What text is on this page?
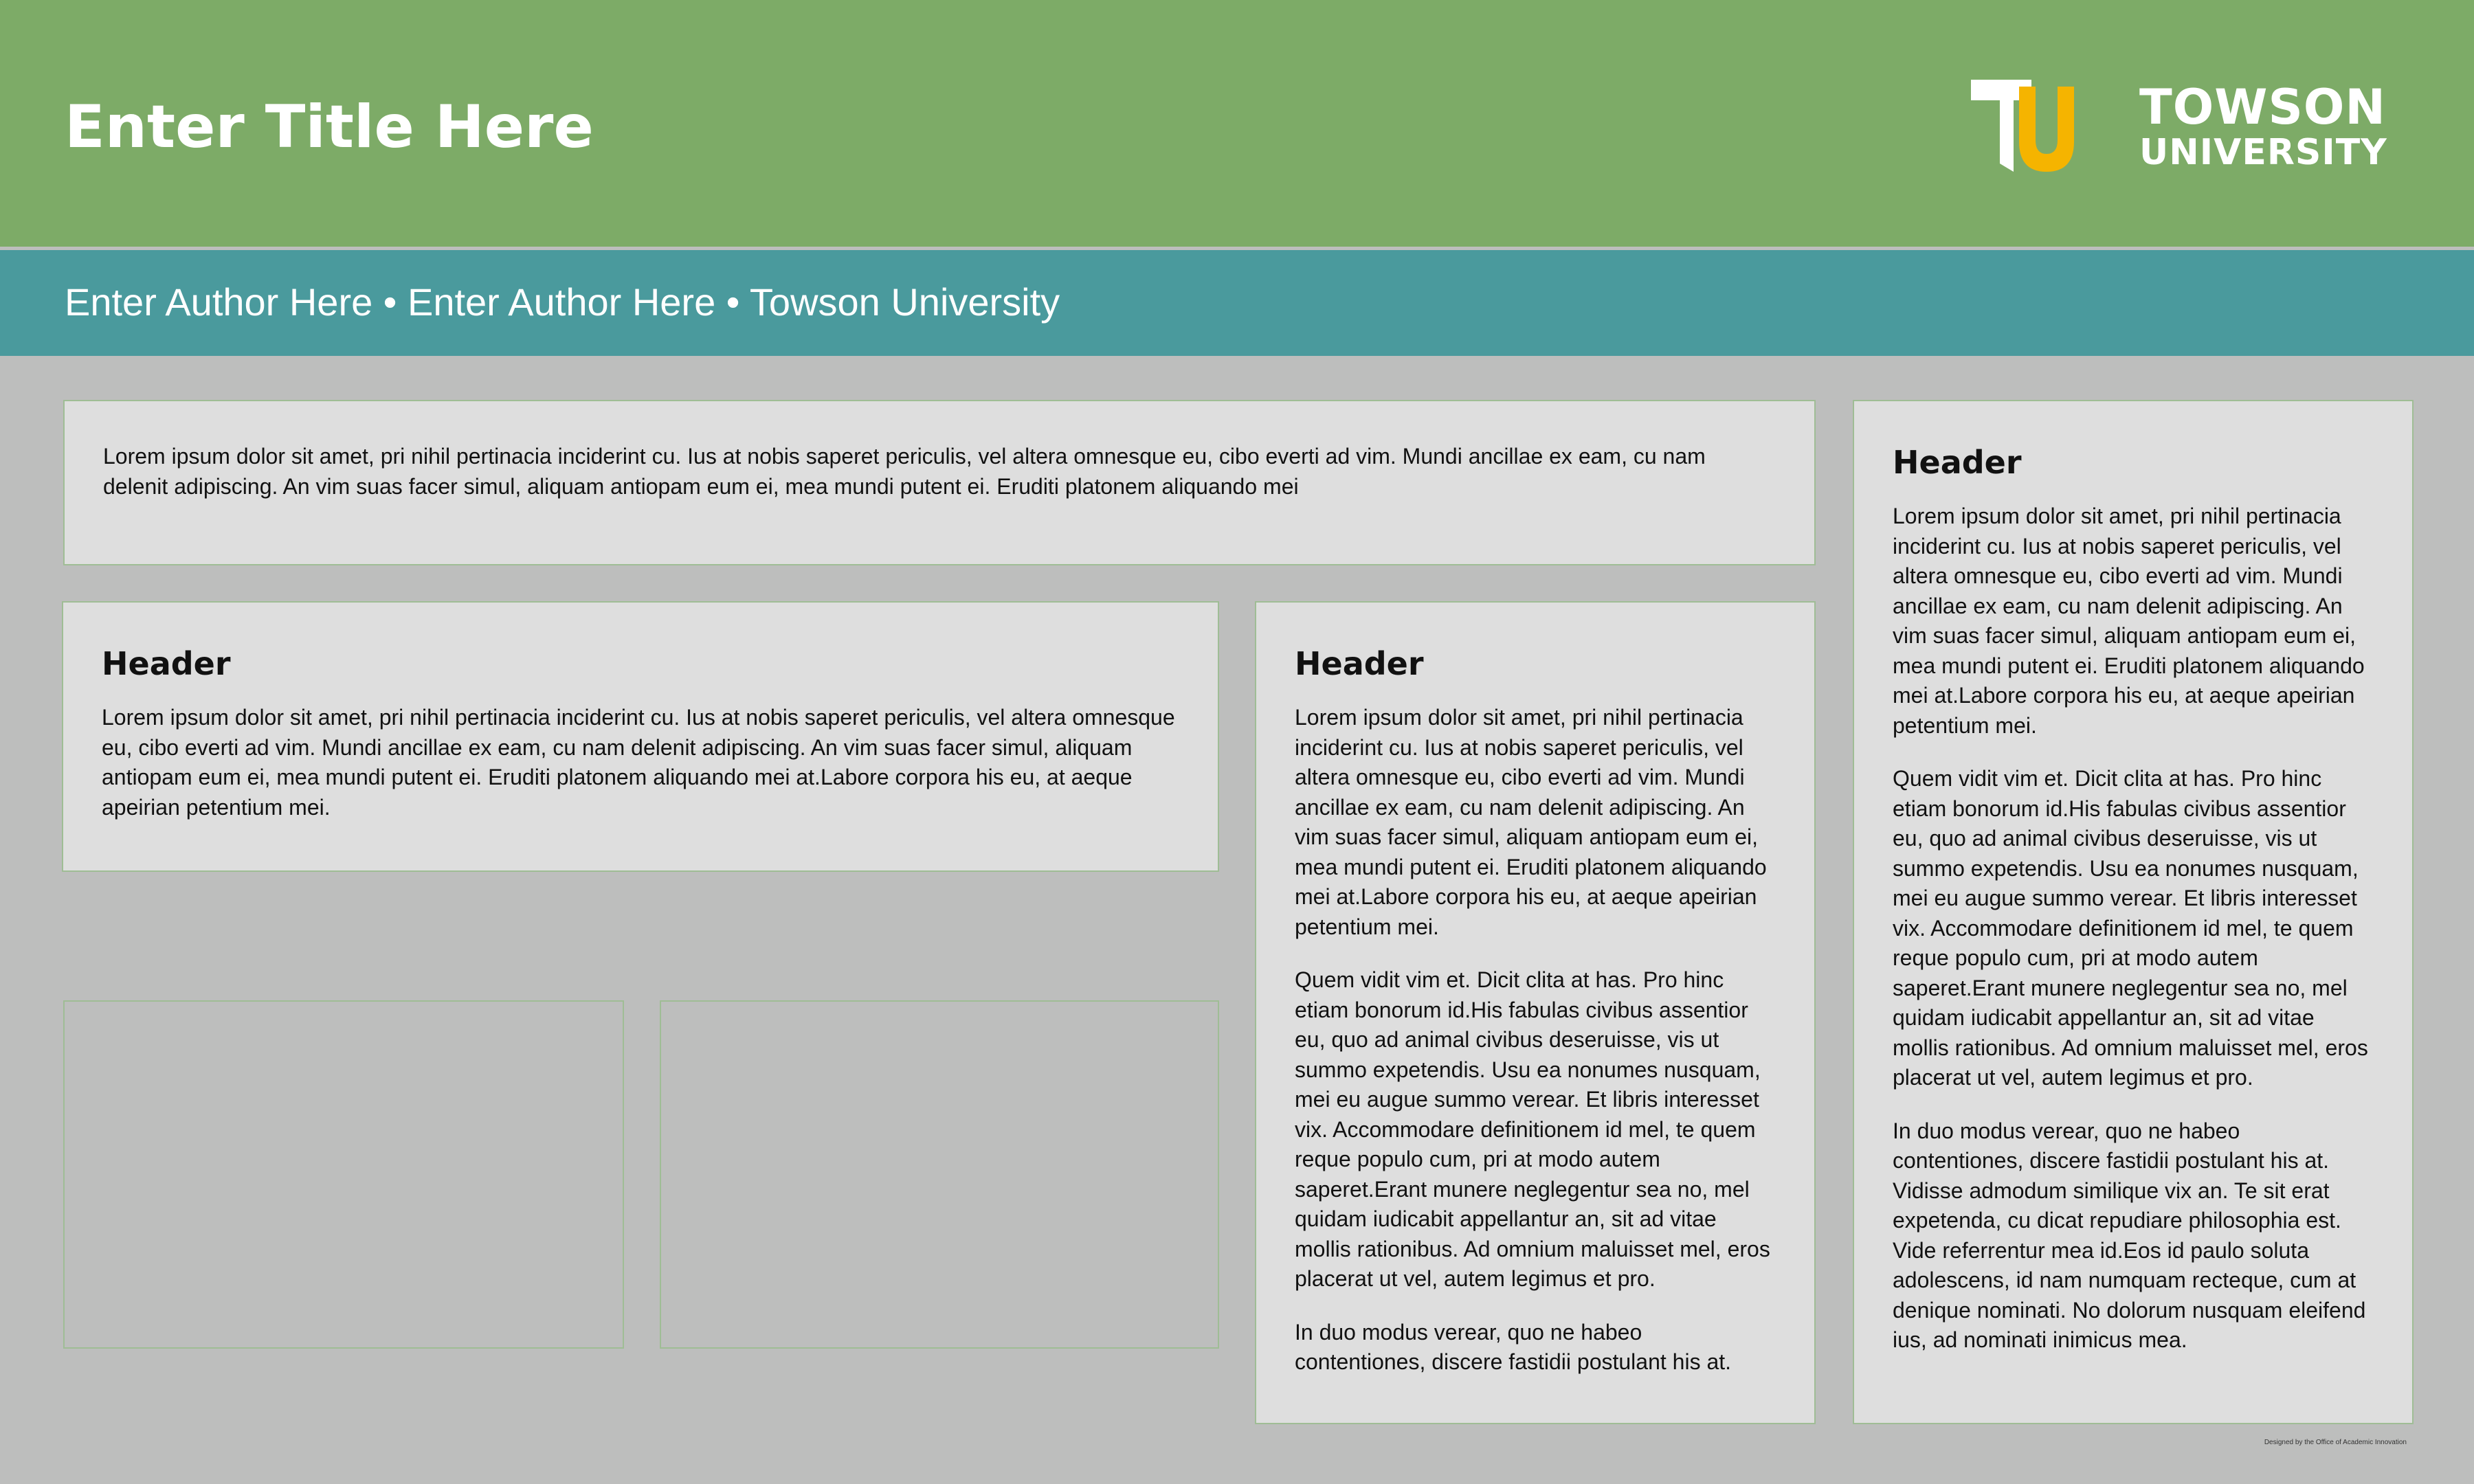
Enter Title Here	TOWSON
UNIVERSITY
Enter Author Here • Enter Author Here • Towson University

Lorem ipsum dolor sit amet, pri nihil pertinacia inciderint cu. Ius at nobis saperet periculis, vel altera omnesque eu, cibo everti ad vim. Mundi ancillae ex eam, cu nam delenit adipiscing. An vim suas facer simul, aliquam antiopam eum ei, mea mundi putent ei. Eruditi platonem aliquando mei

Header

Lorem ipsum dolor sit amet, pri nihil pertinacia inciderint cu. Ius at nobis saperet periculis, vel altera omnesque eu, cibo everti ad vim. Mundi ancillae ex eam, cu nam delenit adipiscing. An vim suas facer simul, aliquam antiopam eum ei, mea mundi putent ei. Eruditi platonem aliquando mei at.Labore corpora his eu, at aeque apeirian petentium mei.

Header

Lorem ipsum dolor sit amet, pri nihil pertinacia inciderint cu. Ius at nobis saperet periculis, vel altera omnesque eu, cibo everti ad vim. Mundi ancillae ex eam, cu nam delenit adipiscing. An vim suas facer simul, aliquam antiopam eum ei, mea mundi putent ei. Eruditi platonem aliquando mei at.Labore corpora his eu, at aeque apeirian petentium mei.

Quem vidit vim et. Dicit clita at has. Pro hinc etiam bonorum id.His fabulas civibus assentior eu, quo ad animal civibus deseruisse, vis ut summo expetendis. Usu ea nonumes nusquam, mei eu augue summo verear. Et libris interesset vix. Accommodare definitionem id mel, te quem reque populo cum, pri at modo autem saperet.Erant munere neglegentur sea no, mel quidam iudicabit appellantur an, sit ad vitae mollis rationibus. Ad omnium maluisset mel, eros placerat ut vel, autem legimus et pro.

In duo modus verear, quo ne habeo contentiones, discere fastidii postulant his at.

Header

Lorem ipsum dolor sit amet, pri nihil pertinacia inciderint cu. Ius at nobis saperet periculis, vel altera omnesque eu, cibo everti ad vim. Mundi ancillae ex eam, cu nam delenit adipiscing. An vim suas facer simul, aliquam antiopam eum ei, mea mundi putent ei. Eruditi platonem aliquando mei at.Labore corpora his eu, at aeque apeirian petentium mei.

Quem vidit vim et. Dicit clita at has. Pro hinc etiam bonorum id.His fabulas civibus assentior eu, quo ad animal civibus deseruisse, vis ut summo expetendis. Usu ea nonumes nusquam, mei eu augue summo verear. Et libris interesset vix. Accommodare definitionem id mel, te quem reque populo cum, pri at modo autem saperet.Erant munere neglegentur sea no, mel quidam iudicabit appellantur an, sit ad vitae mollis rationibus. Ad omnium maluisset mel, eros placerat ut vel, autem legimus et pro.

In duo modus verear, quo ne habeo contentiones, discere fastidii postulant his at. Vidisse admodum similique vix an. Te sit erat expetenda, cu dicat repudiare philosophia est. Vide referrentur mea id.Eos id paulo soluta adolescens, id nam numquam recteque, cum at denique nominati. No dolorum nusquam eleifend ius, ad nominati inimicus mea.

Designed by the Office of Academic Innovation
